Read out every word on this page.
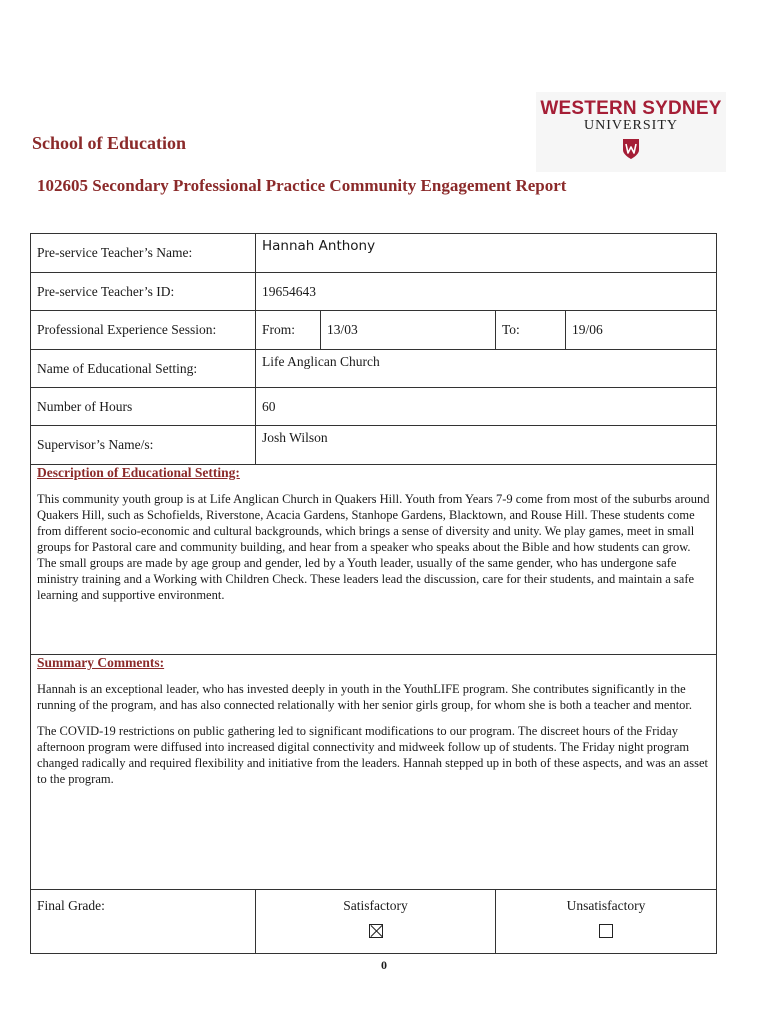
WESTERN SYDNEY
UNIVERSITY
School of Education
102605 Secondary Professional Practice Community Engagement Report
Pre-service Teacher’s Name:	Hannah Anthony			
Pre-service Teacher’s ID:	19654643			
Professional Experience Session:	From:	13/03	To:	19/06
Name of Educational Setting:	Life Anglican Church			
Number of Hours	60			
Supervisor’s Name/s:	Josh Wilson			

Description of Educational Setting:

This community youth group is at Life Anglican Church in Quakers Hill. Youth from Years 7-9 come from most of the suburbs around Quakers Hill, such as Schofields, Riverstone, Acacia Gardens, Stanhope Gardens, Blacktown, and Rouse Hill. These students come from different socio-economic and cultural backgrounds, which brings a sense of diversity and unity. We play games, meet in small groups for Pastoral care and community building, and hear from a speaker who speaks about the Bible and how students can grow. The small groups are made by age group and gender, led by a Youth leader, usually of the same gender, who has undergone safe ministry training and a Working with Children Check. These leaders lead the discussion, care for their students, and maintain a safe learning and supportive environment.				

Summary Comments:

Hannah is an exceptional leader, who has invested deeply in youth in the YouthLIFE program. She contributes significantly in the running of the program, and has also connected relationally with her senior girls group, for whom she is both a teacher and mentor.

The COVID-19 restrictions on public gathering led to significant modifications to our program. The discreet hours of the Friday afternoon program were diffused into increased digital connectivity and midweek follow up of students. The Friday night program changed radically and required flexibility and initiative from the leaders. Hannah stepped up in both of these aspects, and was an asset to the program.				

Final Grade:	Satisfactory		Unsatisfactory	
0
